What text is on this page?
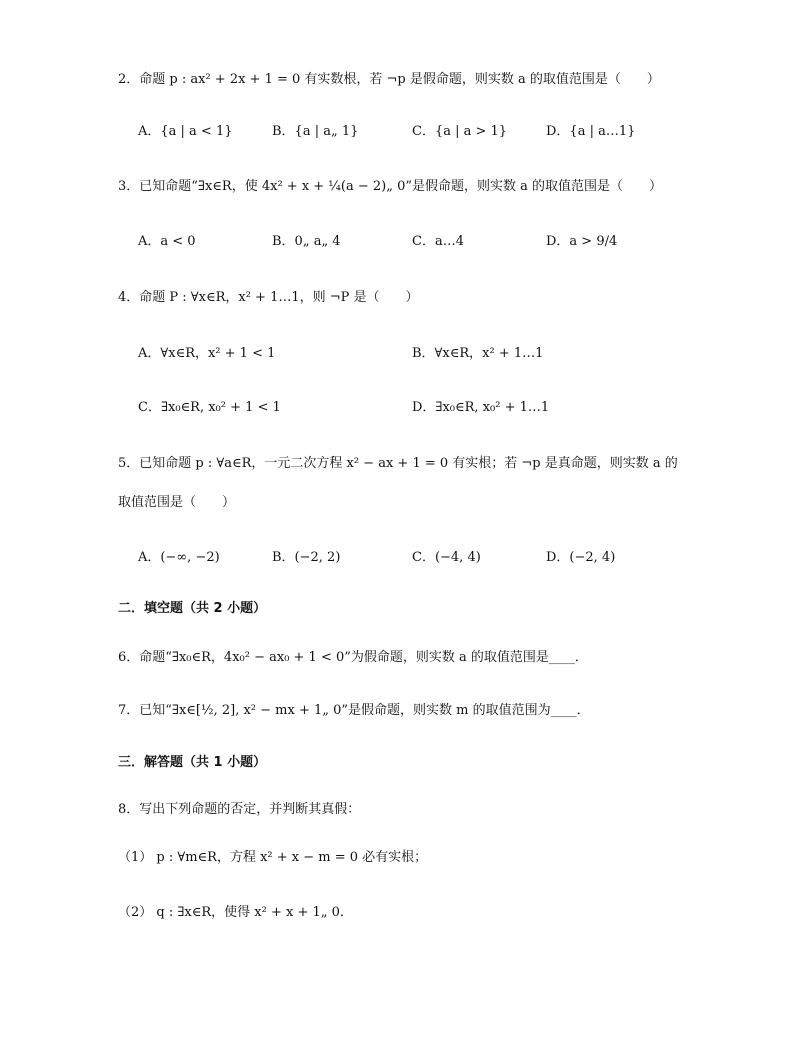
2．命题 p : ax² + 2x + 1 = 0 有实数根，若 ¬p 是假命题，则实数 a 的取值范围是（　　）
A．{a | a < 1}	B．{a | a„ 1}	C．{a | a > 1}	D．{a | a…1}
3．已知命题“∃x∈R，使 4x² + x + ¼(a − 2)„ 0”是假命题，则实数 a 的取值范围是（　　）
A．a < 0	B．0„ a„ 4	C．a…4	D．a > 9/4
4．命题 P : ∀x∈R，x² + 1…1，则 ¬P 是（　　）
A．∀x∈R，x² + 1 < 1	B．∀x∈R，x² + 1…1
C．∃x₀∈R, x₀² + 1 < 1	D．∃x₀∈R, x₀² + 1…1
5．已知命题 p : ∀a∈R，一元二次方程 x² − ax + 1 = 0 有实根；若 ¬p 是真命题，则实数 a 的
取值范围是（　　）
A．(−∞, −2)	B．(−2, 2)	C．(−4, 4)	D．(−2, 4)
二．填空题（共 2 小题）
6．命题“∃x₀∈R，4x₀² − ax₀ + 1 < 0”为假命题，则实数 a 的取值范围是____．
7．已知“∃x∈[½, 2], x² − mx + 1„ 0”是假命题，则实数 m 的取值范围为____．
三．解答题（共 1 小题）
8．写出下列命题的否定，并判断其真假：
（1） p : ∀m∈R，方程 x² + x − m = 0 必有实根；
（2） q : ∃x∈R，使得 x² + x + 1„ 0．
